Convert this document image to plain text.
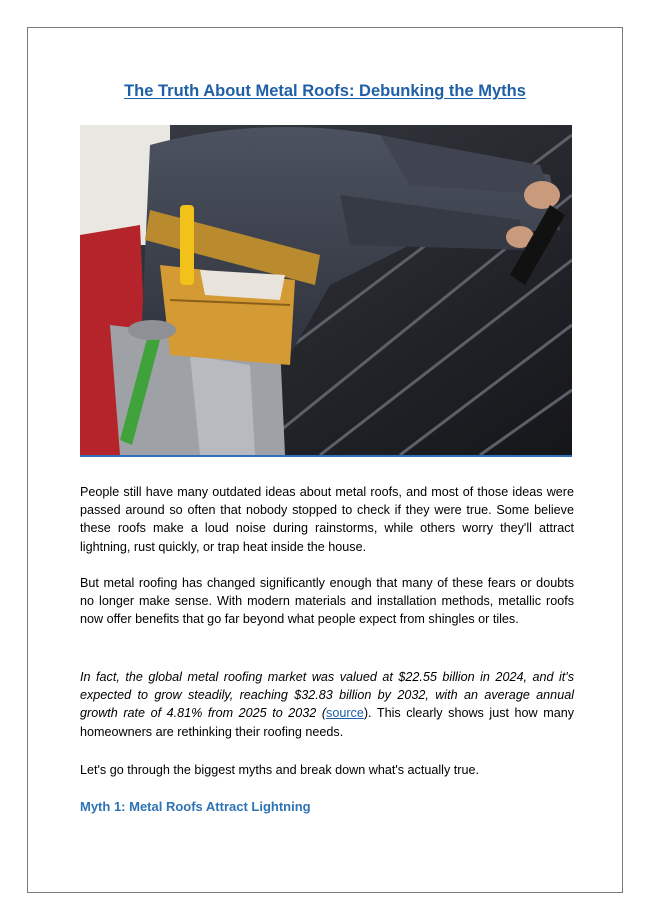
The Truth About Metal Roofs: Debunking the Myths
People still have many outdated ideas about metal roofs, and most of those ideas were passed around so often that nobody stopped to check if they were true. Some believe these roofs make a loud noise during rainstorms, while others worry they'll attract lightning, rust quickly, or trap heat inside the house.
But metal roofing has changed significantly enough that many of these fears or doubts no longer make sense. With modern materials and installation methods, metallic roofs now offer benefits that go far beyond what people expect from shingles or tiles.
In fact, the global metal roofing market was valued at $22.55 billion in 2024, and it's expected to grow steadily, reaching $32.83 billion by 2032, with an average annual growth rate of 4.81% from 2025 to 2032 (source). This clearly shows just how many homeowners are rethinking their roofing needs.
Let's go through the biggest myths and break down what's actually true.
Myth 1: Metal Roofs Attract Lightning
